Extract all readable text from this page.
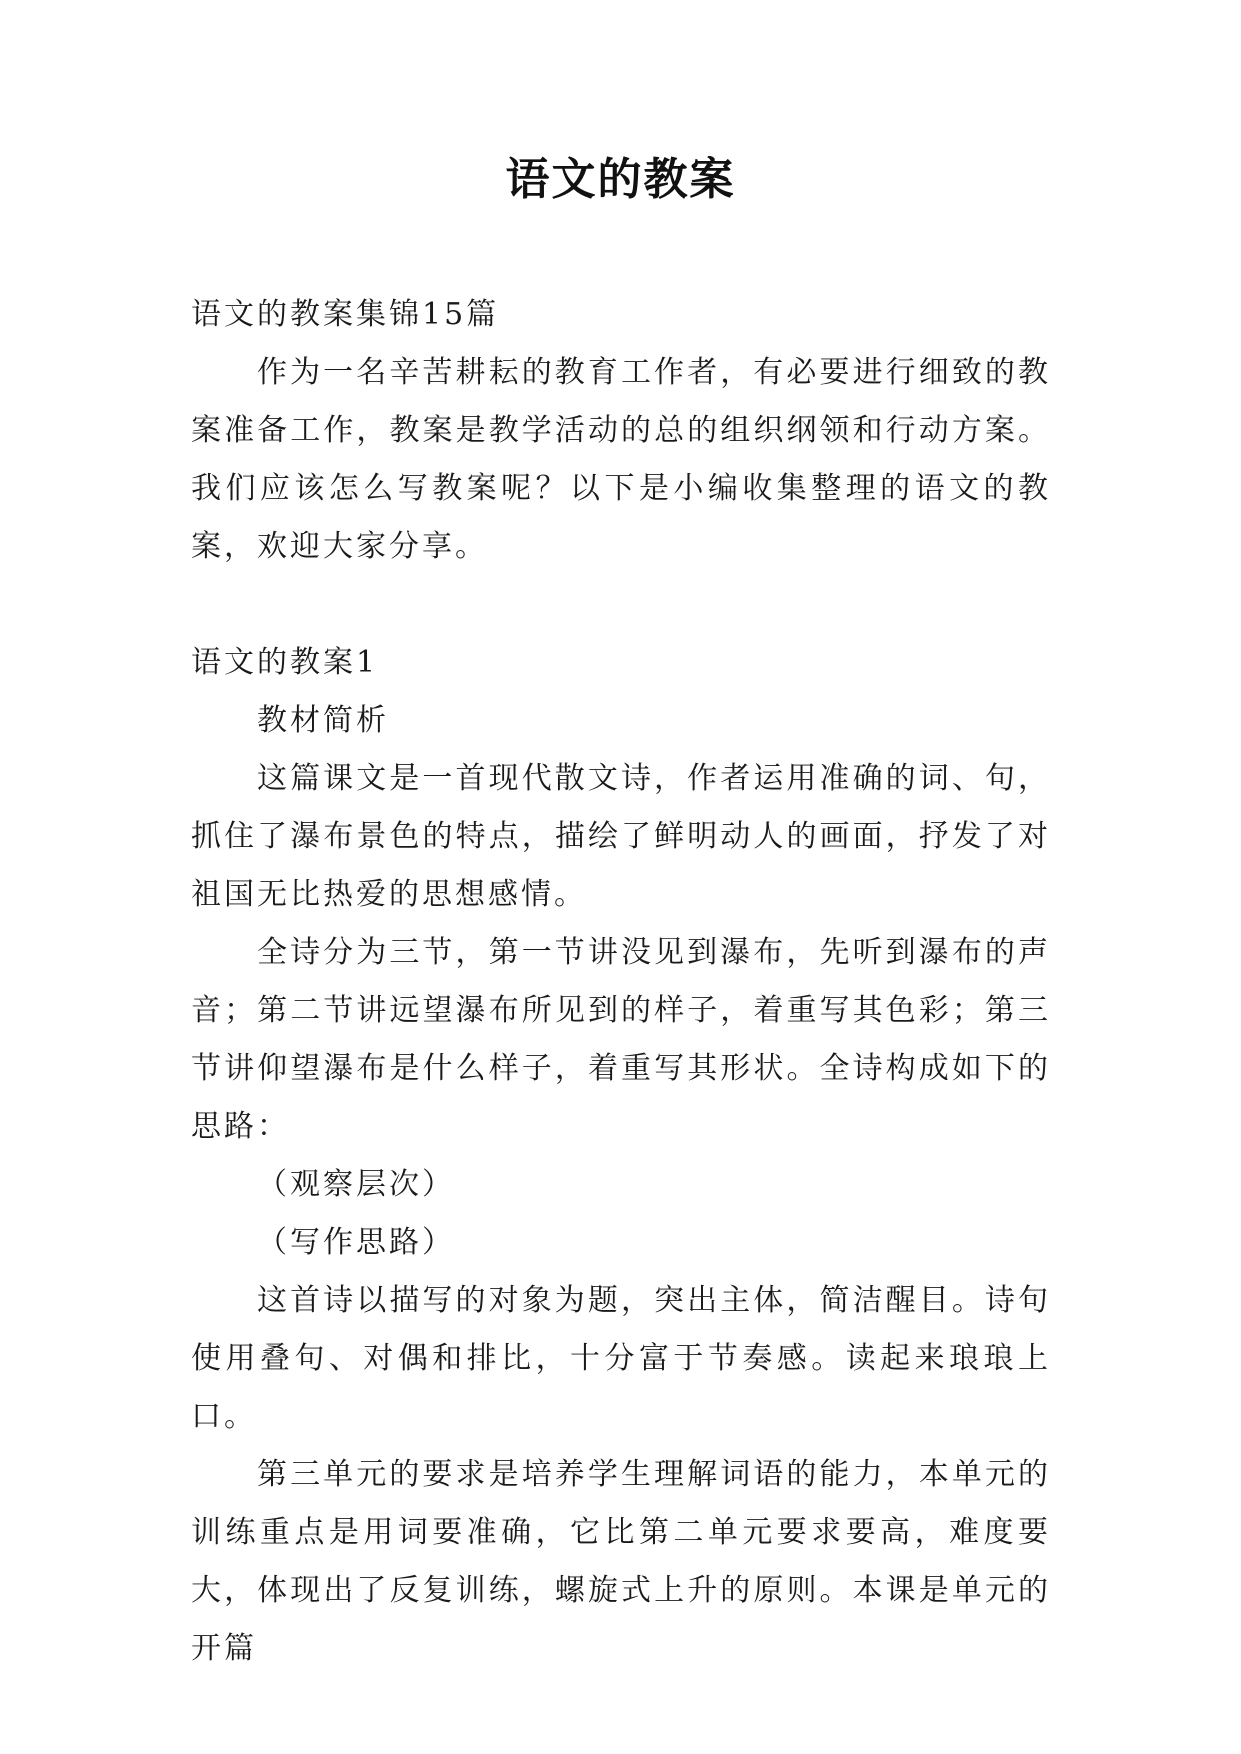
语文的教案

语文的教案集锦15篇

作为一名辛苦耕耘的教育工作者，有必要进行细致的教案准备工作，教案是教学活动的总的组织纲领和行动方案。我们应该怎么写教案呢？以下是小编收集整理的语文的教案，欢迎大家分享。

语文的教案1

教材简析

这篇课文是一首现代散文诗，作者运用准确的词、句，抓住了瀑布景色的特点，描绘了鲜明动人的画面，抒发了对祖国无比热爱的思想感情。

全诗分为三节，第一节讲没见到瀑布，先听到瀑布的声音；第二节讲远望瀑布所见到的样子，着重写其色彩；第三节讲仰望瀑布是什么样子，着重写其形状。全诗构成如下的思路：

（观察层次）

（写作思路）

这首诗以描写的对象为题，突出主体，简洁醒目。诗句使用叠句、对偶和排比，十分富于节奏感。读起来琅琅上口。

第三单元的要求是培养学生理解词语的能力，本单元的训练重点是用词要准确，它比第二单元要求要高，难度要大，体现出了反复训练，螺旋式上升的原则。本课是单元的开篇
